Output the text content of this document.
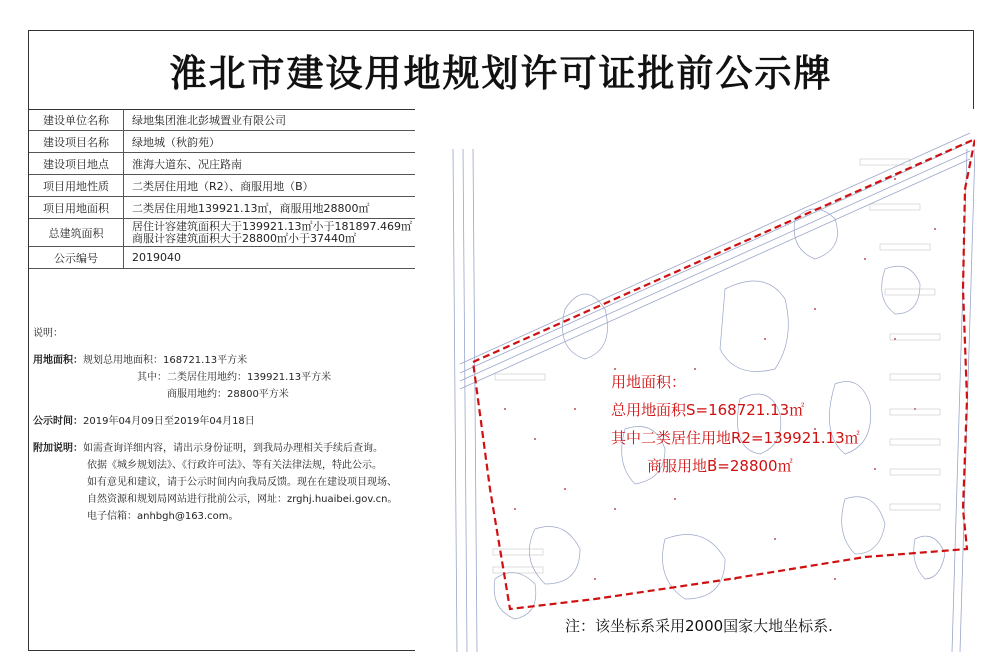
淮北市建设用地规划许可证批前公示牌
建设单位名称	绿地集团淮北彭城置业有限公司
建设项目名称	绿地城（秋韵苑）
建设项目地点	淮海大道东、况庄路南
项目用地性质	二类居住用地（R2）、商服用地（B）
项目用地面积	二类居住用地139921.13㎡，商服用地28800㎡
总建筑面积	居住计容建筑面积大于139921.13㎡小于181897.469㎡
商服计容建筑面积大于28800㎡小于37440㎡

公示编号	2019040
说明：
用地面积：规划总用地面积：168721.13平方米
其中：二类居住用地约：139921.13平方米
商服用地约：28800平方米
公示时间：2019年04月09日至2019年04月18日
附加说明：如需查询详细内容，请出示身份证明，到我局办理相关手续后查询。
依据《城乡规划法》、《行政许可法》、等有关法律法规，特此公示。
如有意见和建议，请于公示时间内向我局反馈。现在在建设项目现场、
自然资源和规划局网站进行批前公示，网址：zrghj.huaibei.gov.cn。
电子信箱：anhbgh@163.com。
用地面积：
总用地面积S=168721.13㎡
其中二类居住用地R2=139921.13㎡
商服用地B=28800㎡
注：该坐标系采用2000国家大地坐标系.
